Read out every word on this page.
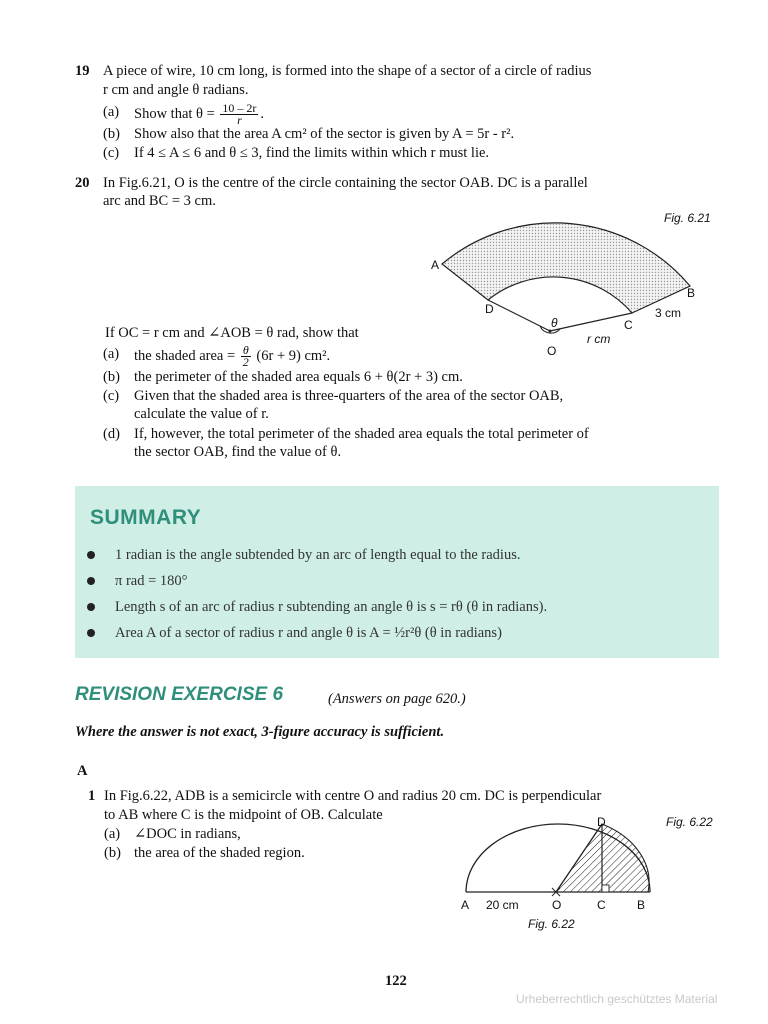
19 A piece of wire, 10 cm long, is formed into the shape of a sector of a circle of radius
r cm and angle θ radians.
(a) Show that $\theta = \frac{10 - 2r}{r}$ .
(b) Show also that the area A cm² of the sector is given by A = 5r - r².
(c) If 4 ≤ A ≤ 6 and θ ≤ 3, find the limits within which r must lie.
20 In Fig.6.21, O is the centre of the circle containing the sector OAB. DC is a parallel
arc and BC = 3 cm.
Fig. 6.21
A
B
D
C
3 cm
θ
r cm
O
If OC = r cm and ∠AOB = θ rad, show that
(a) the shaded area = $\frac{\theta}{2} (6r + 9)$ cm².
(b) the perimeter of the shaded area equals 6 + θ(2r + 3) cm.
(c) Given that the shaded area is three-quarters of the area of the sector OAB,
calculate the value of r.
(d) If, however, the total perimeter of the shaded area equals the total perimeter of
the sector OAB, find the value of θ.
SUMMARY
1 radian is the angle subtended by an arc of length equal to the radius.
π rad = 180°
Length s of an arc of radius r subtending an angle θ is s = rθ (θ in radians).
Area A of a sector of radius r and angle θ is A = ½r²θ (θ in radians)
REVISION EXERCISE 6	(Answers on page 620.)
Where the answer is not exact, 3-figure accuracy is sufficient.
A
1 In Fig.6.22, ADB is a semicircle with centre O and radius 20 cm. DC is perpendicular
to AB where C is the midpoint of OB. Calculate
(a) ∠DOC in radians,
(b) the area of the shaded region.
Fig. 6.22
D
A 20 cm	O	C	B
Fig. 6.22
122
Urheberrechtlich geschütztes Material
